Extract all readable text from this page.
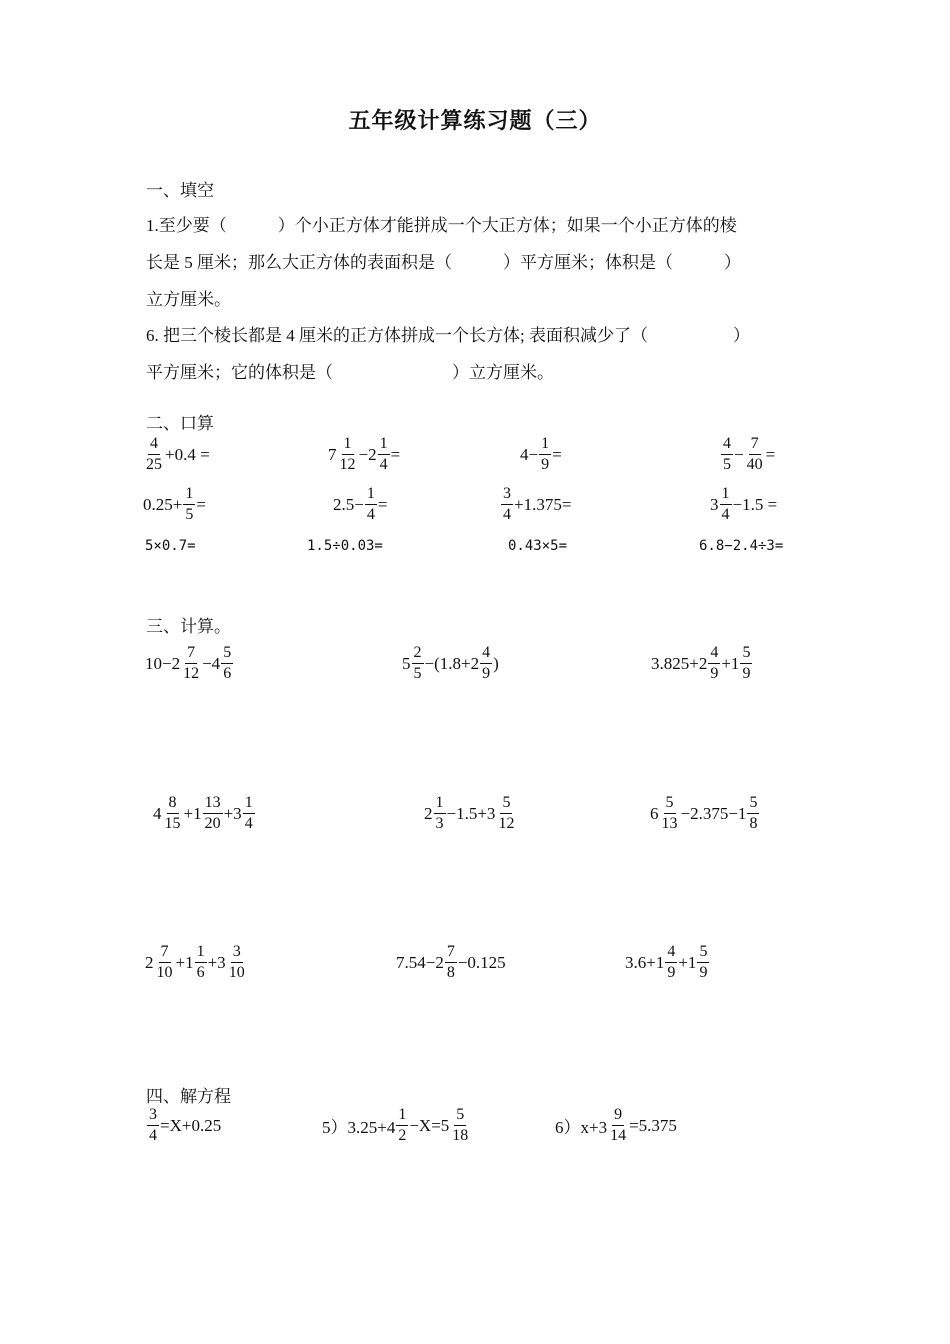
五年级计算练习题（三）
一、填空
1.至少要（　　　）个小正方体才能拼成一个大正方体；如果一个小正方体的棱
长是 5 厘米；那么大正方体的表面积是（　　　）平方厘米；体积是（　　　）
立方厘米。
6. 把三个棱长都是 4 厘米的正方体拼成一个长方体; 表面积减少了（　　　　　）
平方厘米；它的体积是（　　　　　　　）立方厘米。
二、口算
$\frac{4}{25} +0.4$ =	$7 \frac{1}{12} -2 \frac{1}{4}$ =	$4- \frac{1}{9}$ =	$\frac{4}{5} - \frac{7}{40}$ =
$0.25+ \frac{1}{5}$ =	$2.5- \frac{1}{4}$ =	$\frac{3}{4} +1.375=$	$3 \frac{1}{4} -1.5$ =
5×0.7=	1.5÷0.03=	0.43×5=	6.8−2.4÷3=
三、计算。
$10-2 \frac{7}{12} -4 \frac{5}{6}$	$5 \frac{2}{5} -(1.8+2 \frac{4}{9}$ )	$3.825+2 \frac{4}{9} +1 \frac{5}{9}$
$4 \frac{8}{15} +1 \frac{13}{20} +3 \frac{1}{4}$	$2 \frac{1}{3} -1.5+3 \frac{5}{12}$	$6 \frac{5}{13} -2.375-1 \frac{5}{8}$
$2 \frac{7}{10} +1 \frac{1}{6} +3 \frac{3}{10}$	$7.54-2 \frac{7}{8} -0.125$	$3.6+1 \frac{4}{9} +1 \frac{5}{9}$
四、解方程
$\frac{3}{4} =X+0.25$	$5)3.25+4 \frac{1}{2} -X=5 \frac{5}{18}$	$6)x+3 \frac{9}{14} =5.375$
